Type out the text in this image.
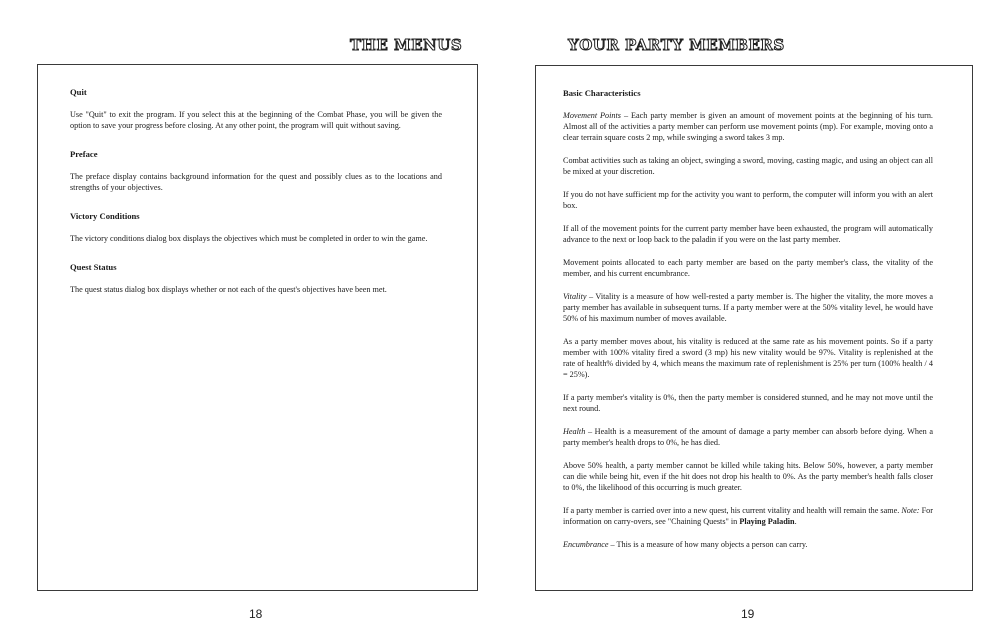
THE MENUS
18
Quit
Use "Quit" to exit the program. If you select this at the beginning of the Combat Phase, you will be given the option to save your progress before closing. At any other point, the program will quit without saving.
Preface
The preface display contains background information for the quest and possibly clues as to the locations and strengths of your objectives.
Victory Conditions
The victory conditions dialog box displays the objectives which must be completed in order to win the game.
Quest Status
The quest status dialog box displays whether or not each of the quest's objectives have been met.
YOUR PARTY MEMBERS
19
Basic Characteristics
Movement Points – Each party member is given an amount of movement points at the beginning of his turn. Almost all of the activities a party member can perform use movement points (mp). For example, moving onto a clear terrain square costs 2 mp, while swinging a sword takes 3 mp.
Combat activities such as taking an object, swinging a sword, moving, casting magic, and using an object can all be mixed at your discretion.
If you do not have sufficient mp for the activity you want to perform, the computer will inform you with an alert box.
If all of the movement points for the current party member have been exhausted, the program will automatically advance to the next or loop back to the paladin if you were on the last party member.
Movement points allocated to each party member are based on the party member's class, the vitality of the member, and his current encumbrance.
Vitality – Vitality is a measure of how well-rested a party member is. The higher the vitality, the more moves a party member has available in subsequent turns. If a party member were at the 50% vitality level, he would have 50% of his maximum number of moves available.
As a party member moves about, his vitality is reduced at the same rate as his movement points. So if a party member with 100% vitality fired a sword (3 mp) his new vitality would be 97%. Vitality is replenished at the rate of health% divided by 4, which means the maximum rate of replenishment is 25% per turn (100% health / 4 = 25%).
If a party member's vitality is 0%, then the party member is considered stunned, and he may not move until the next round.
Health – Health is a measurement of the amount of damage a party member can absorb before dying. When a party member's health drops to 0%, he has died.
Above 50% health, a party member cannot be killed while taking hits. Below 50%, however, a party member can die while being hit, even if the hit does not drop his health to 0%. As the party member's health falls closer to 0%, the likelihood of this occurring is much greater.
If a party member is carried over into a new quest, his current vitality and health will remain the same. Note: For information on carry-overs, see "Chaining Quests" in Playing Paladin.
Encumbrance – This is a measure of how many objects a person can carry.
